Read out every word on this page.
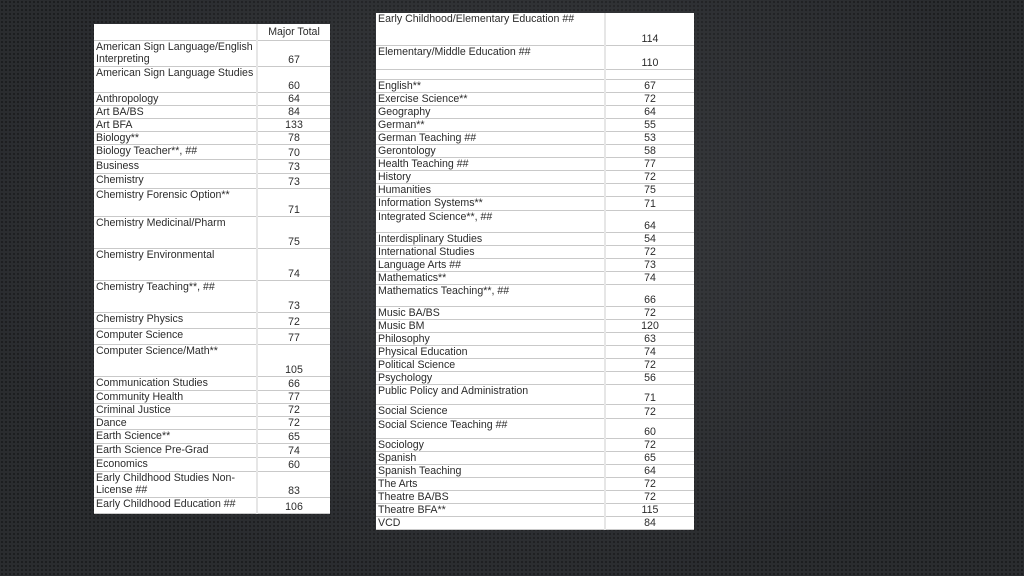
	Major Total
American Sign Language/English Interpreting	67
American Sign Language Studies	60
Anthropology	64
Art BA/BS	84
Art BFA	133
Biology**	78
Biology Teacher**, ##	70
Business	73
Chemistry	73
Chemistry Forensic Option**	71
Chemistry Medicinal/Pharm	75
Chemistry Environmental	74
Chemistry Teaching**, ##	73
Chemistry Physics	72
Computer Science	77
Computer Science/Math**	105
Communication Studies	66
Community Health	77
Criminal Justice	72
Dance	72
Earth Science**	65
Earth Science Pre-Grad	74
Economics	60
Early Childhood Studies Non-License ##	83
Early Childhood Education ##	106
Early Childhood/Elementary Education ##	114
Elementary/Middle Education ##	110

English**	67
Exercise Science**	72
Geography	64
German**	55
German Teaching ##	53
Gerontology	58
Health Teaching ##	77
History	72
Humanities	75
Information Systems**	71
Integrated Science**, ##	64
Interdisplinary Studies	54
International Studies	72
Language Arts ##	73
Mathematics**	74
Mathematics Teaching**, ##	66
Music BA/BS	72
Music BM	120
Philosophy	63
Physical Education	74
Political Science	72
Psychology	56
Public Policy and Administration	71
Social Science	72
Social Science Teaching ##	60
Sociology	72
Spanish	65
Spanish Teaching	64
The Arts	72
Theatre BA/BS	72
Theatre BFA**	115
VCD	84
